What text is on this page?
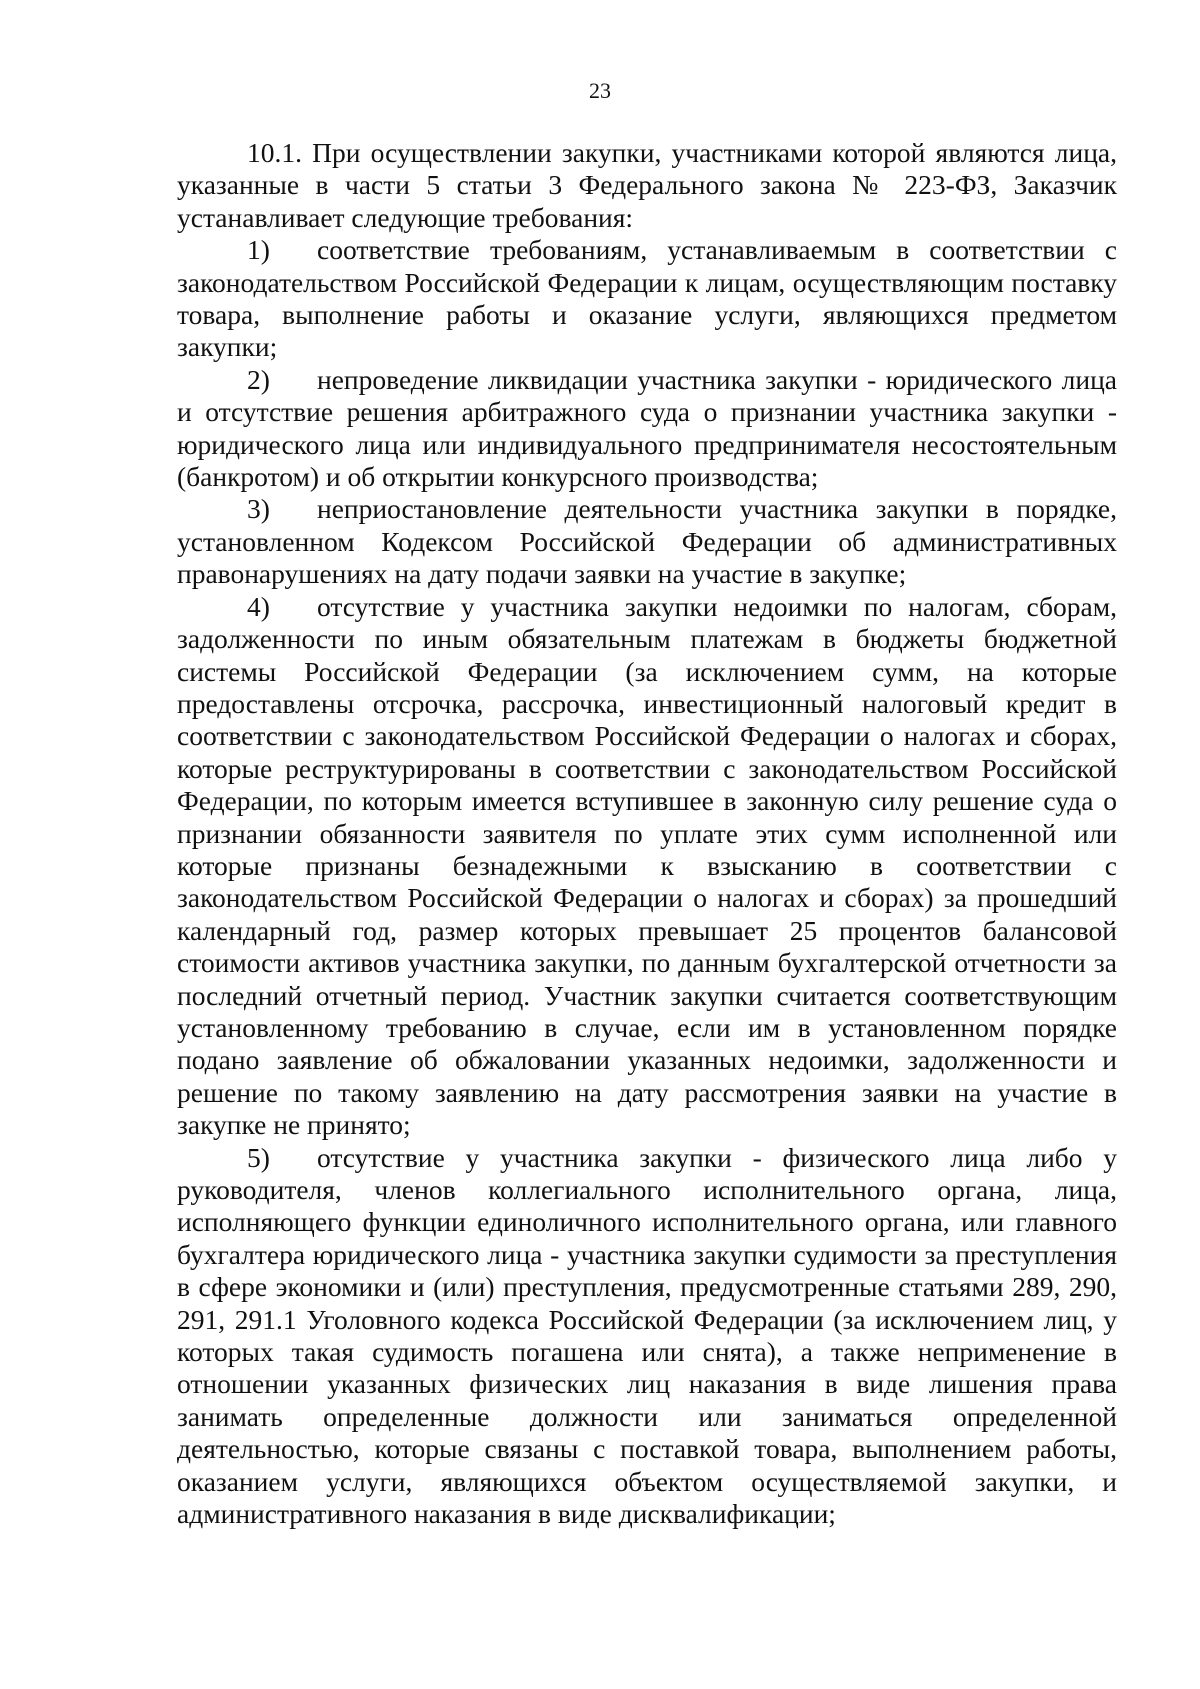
23

10.1. При осуществлении закупки, участниками которой являются лица, указанные в части 5 статьи 3 Федерального закона № 223-ФЗ, Заказчик устанавливает следующие требования:

1) соответствие требованиям, устанавливаемым в соответствии с законодательством Российской Федерации к лицам, осуществляющим поставку товара, выполнение работы и оказание услуги, являющихся предметом закупки;

2) непроведение ликвидации участника закупки - юридического лица и отсутствие решения арбитражного суда о признании участника закупки - юридического лица или индивидуального предпринимателя несостоятельным (банкротом) и об открытии конкурсного производства;

3) неприостановление деятельности участника закупки в порядке, установленном Кодексом Российской Федерации об административных правонарушениях на дату подачи заявки на участие в закупке;

4) отсутствие у участника закупки недоимки по налогам, сборам, задолженности по иным обязательным платежам в бюджеты бюджетной системы Российской Федерации (за исключением сумм, на которые предоставлены отсрочка, рассрочка, инвестиционный налоговый кредит в соответствии с законодательством Российской Федерации о налогах и сборах, которые реструктурированы в соответствии с законодательством Российской Федерации, по которым имеется вступившее в законную силу решение суда о признании обязанности заявителя по уплате этих сумм исполненной или которые признаны безнадежными к взысканию в соответствии с законодательством Российской Федерации о налогах и сборах) за прошедший календарный год, размер которых превышает 25 процентов балансовой стоимости активов участника закупки, по данным бухгалтерской отчетности за последний отчетный период. Участник закупки считается соответствующим установленному требованию в случае, если им в установленном порядке подано заявление об обжаловании указанных недоимки, задолженности и решение по такому заявлению на дату рассмотрения заявки на участие в закупке не принято;

5) отсутствие у участника закупки - физического лица либо у руководителя, членов коллегиального исполнительного органа, лица, исполняющего функции единоличного исполнительного органа, или главного бухгалтера юридического лица - участника закупки судимости за преступления в сфере экономики и (или) преступления, предусмотренные статьями 289, 290, 291, 291.1 Уголовного кодекса Российской Федерации (за исключением лиц, у которых такая судимость погашена или снята), а также неприменение в отношении указанных физических лиц наказания в виде лишения права занимать определенные должности или заниматься определенной деятельностью, которые связаны с поставкой товара, выполнением работы, оказанием услуги, являющихся объектом осуществляемой закупки, и административного наказания в виде дисквалификации;
